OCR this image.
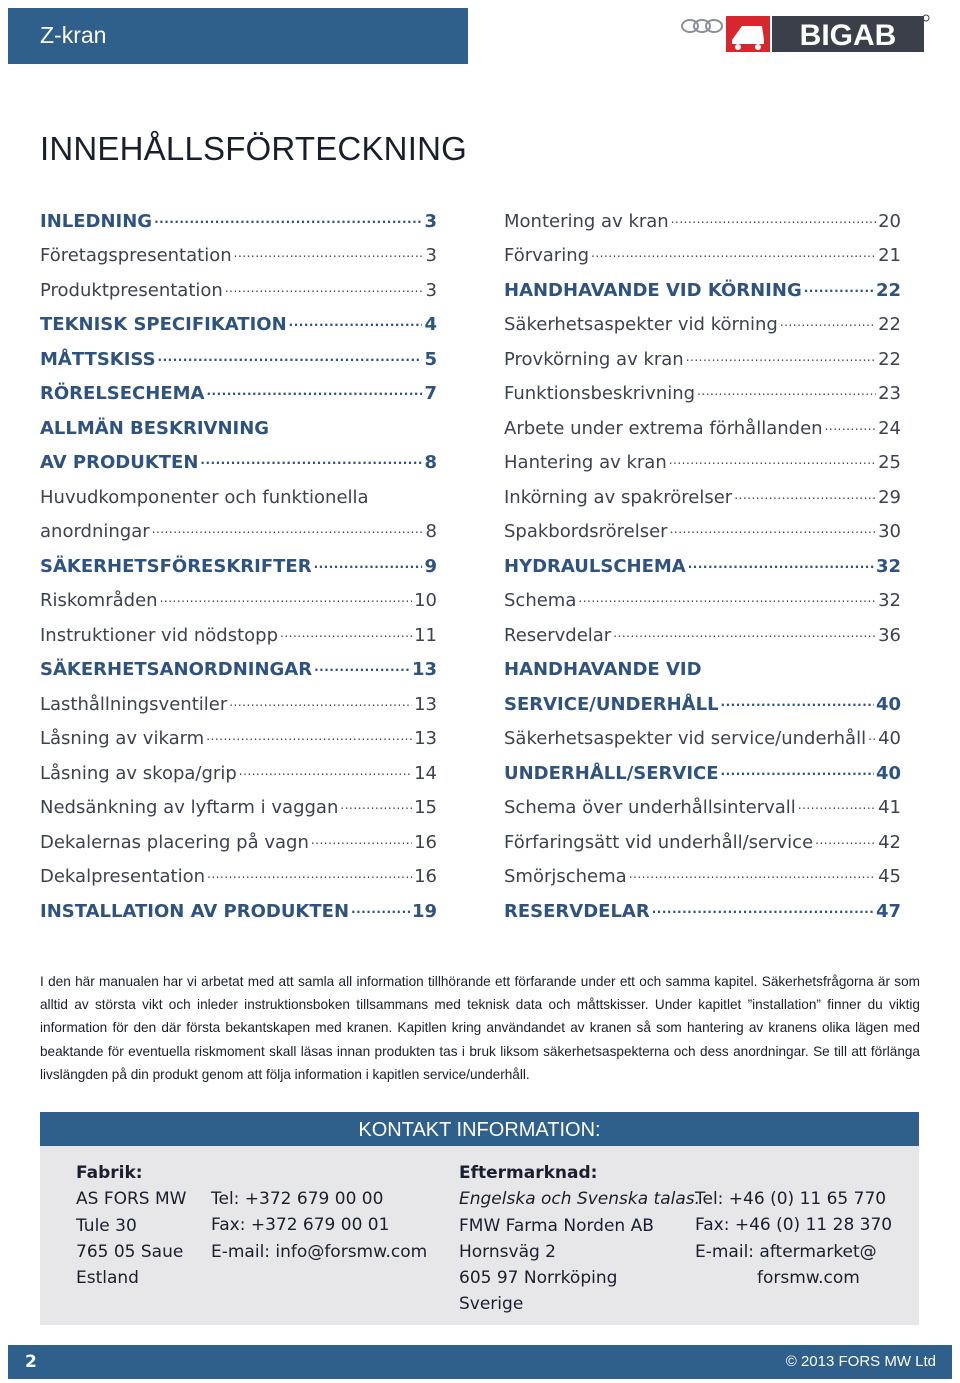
Z-kran	BIGAB
INNEHÅLLSFÖRTECKNING
INLEDNING .....	3
Företagspresentation .....	3
Produktpresentation .....	3
TEKNISK SPECIFIKATION .....	4
MÅTTSKISS .....	5
RÖRELSECHEMA .....	7
ALLMÄN BESKRIVNING
AV PRODUKTEN .....	8
Huvudkomponenter och funktionella
anordningar .....	8
SÄKERHETSFÖRESKRIFTER .....	9
Riskområden .....	10
Instruktioner vid nödstopp .....	11
SÄKERHETSANORDNINGAR .....	13
Lasthållningsventiler .....	13
Låsning av vikarm .....	13
Låsning av skopa/grip .....	14
Nedsänkning av lyftarm i vaggan .....	15
Dekalernas placering på vagn .....	16
Dekalpresentation .....	16
INSTALLATION AV PRODUKTEN .....	19
Montering av kran .....	20
Förvaring .....	21
HANDHAVANDE VID KÖRNING .....	22
Säkerhetsaspekter vid körning .....	22
Provkörning av kran .....	22
Funktionsbeskrivning .....	23
Arbete under extrema förhållanden .....	24
Hantering av kran .....	25
Inkörning av spakrörelser .....	29
Spakbordsrörelser .....	30
HYDRAULSCHEMA .....	32
Schema .....	32
Reservdelar .....	36
HANDHAVANDE VID
SERVICE/UNDERHÅLL .....	40
Säkerhetsaspekter vid service/underhåll ..... 40
UNDERHÅLL/SERVICE .....	40
Schema över underhållsintervall .....	41
Förfaringsätt vid underhåll/service .....	42
Smörjschema .....	45
RESERVDELAR .....	47
I den här manualen har vi arbetat med att samla all information tillhörande ett förfarande under ett och samma kapitel. Säkerhetsfrågorna är som alltid av största vikt och inleder instruktionsboken tillsammans med teknisk data och måttskisser. Under kapitlet ”installation” finner du viktig information för den där första bekantskapen med kranen. Kapitlen kring användandet av kranen så som hantering av kranens olika lägen med beaktande för eventuella riskmoment skall läsas innan produkten tas i bruk liksom säkerhetsaspekterna och dess anordningar. Se till att förlänga livslängden på din produkt genom att följa information i kapitlen service/underhåll.
KONTAKT INFORMATION:
Fabrik:
AS FORS MW
Tule 30
765 05 Saue
Estland
Tel: +372 679 00 00
Fax: +372 679 00 01
E-mail: info@forsmw.com
Eftermarknad:
Engelska och Svenska talas.
FMW Farma Norden AB
Hornsväg 2
605 97 Norrköping
Sverige
Tel: +46 (0) 11 65 770
Fax: +46 (0) 11 28 370
E-mail: aftermarket@
forsmw.com
2	© 2013 FORS MW Ltd
